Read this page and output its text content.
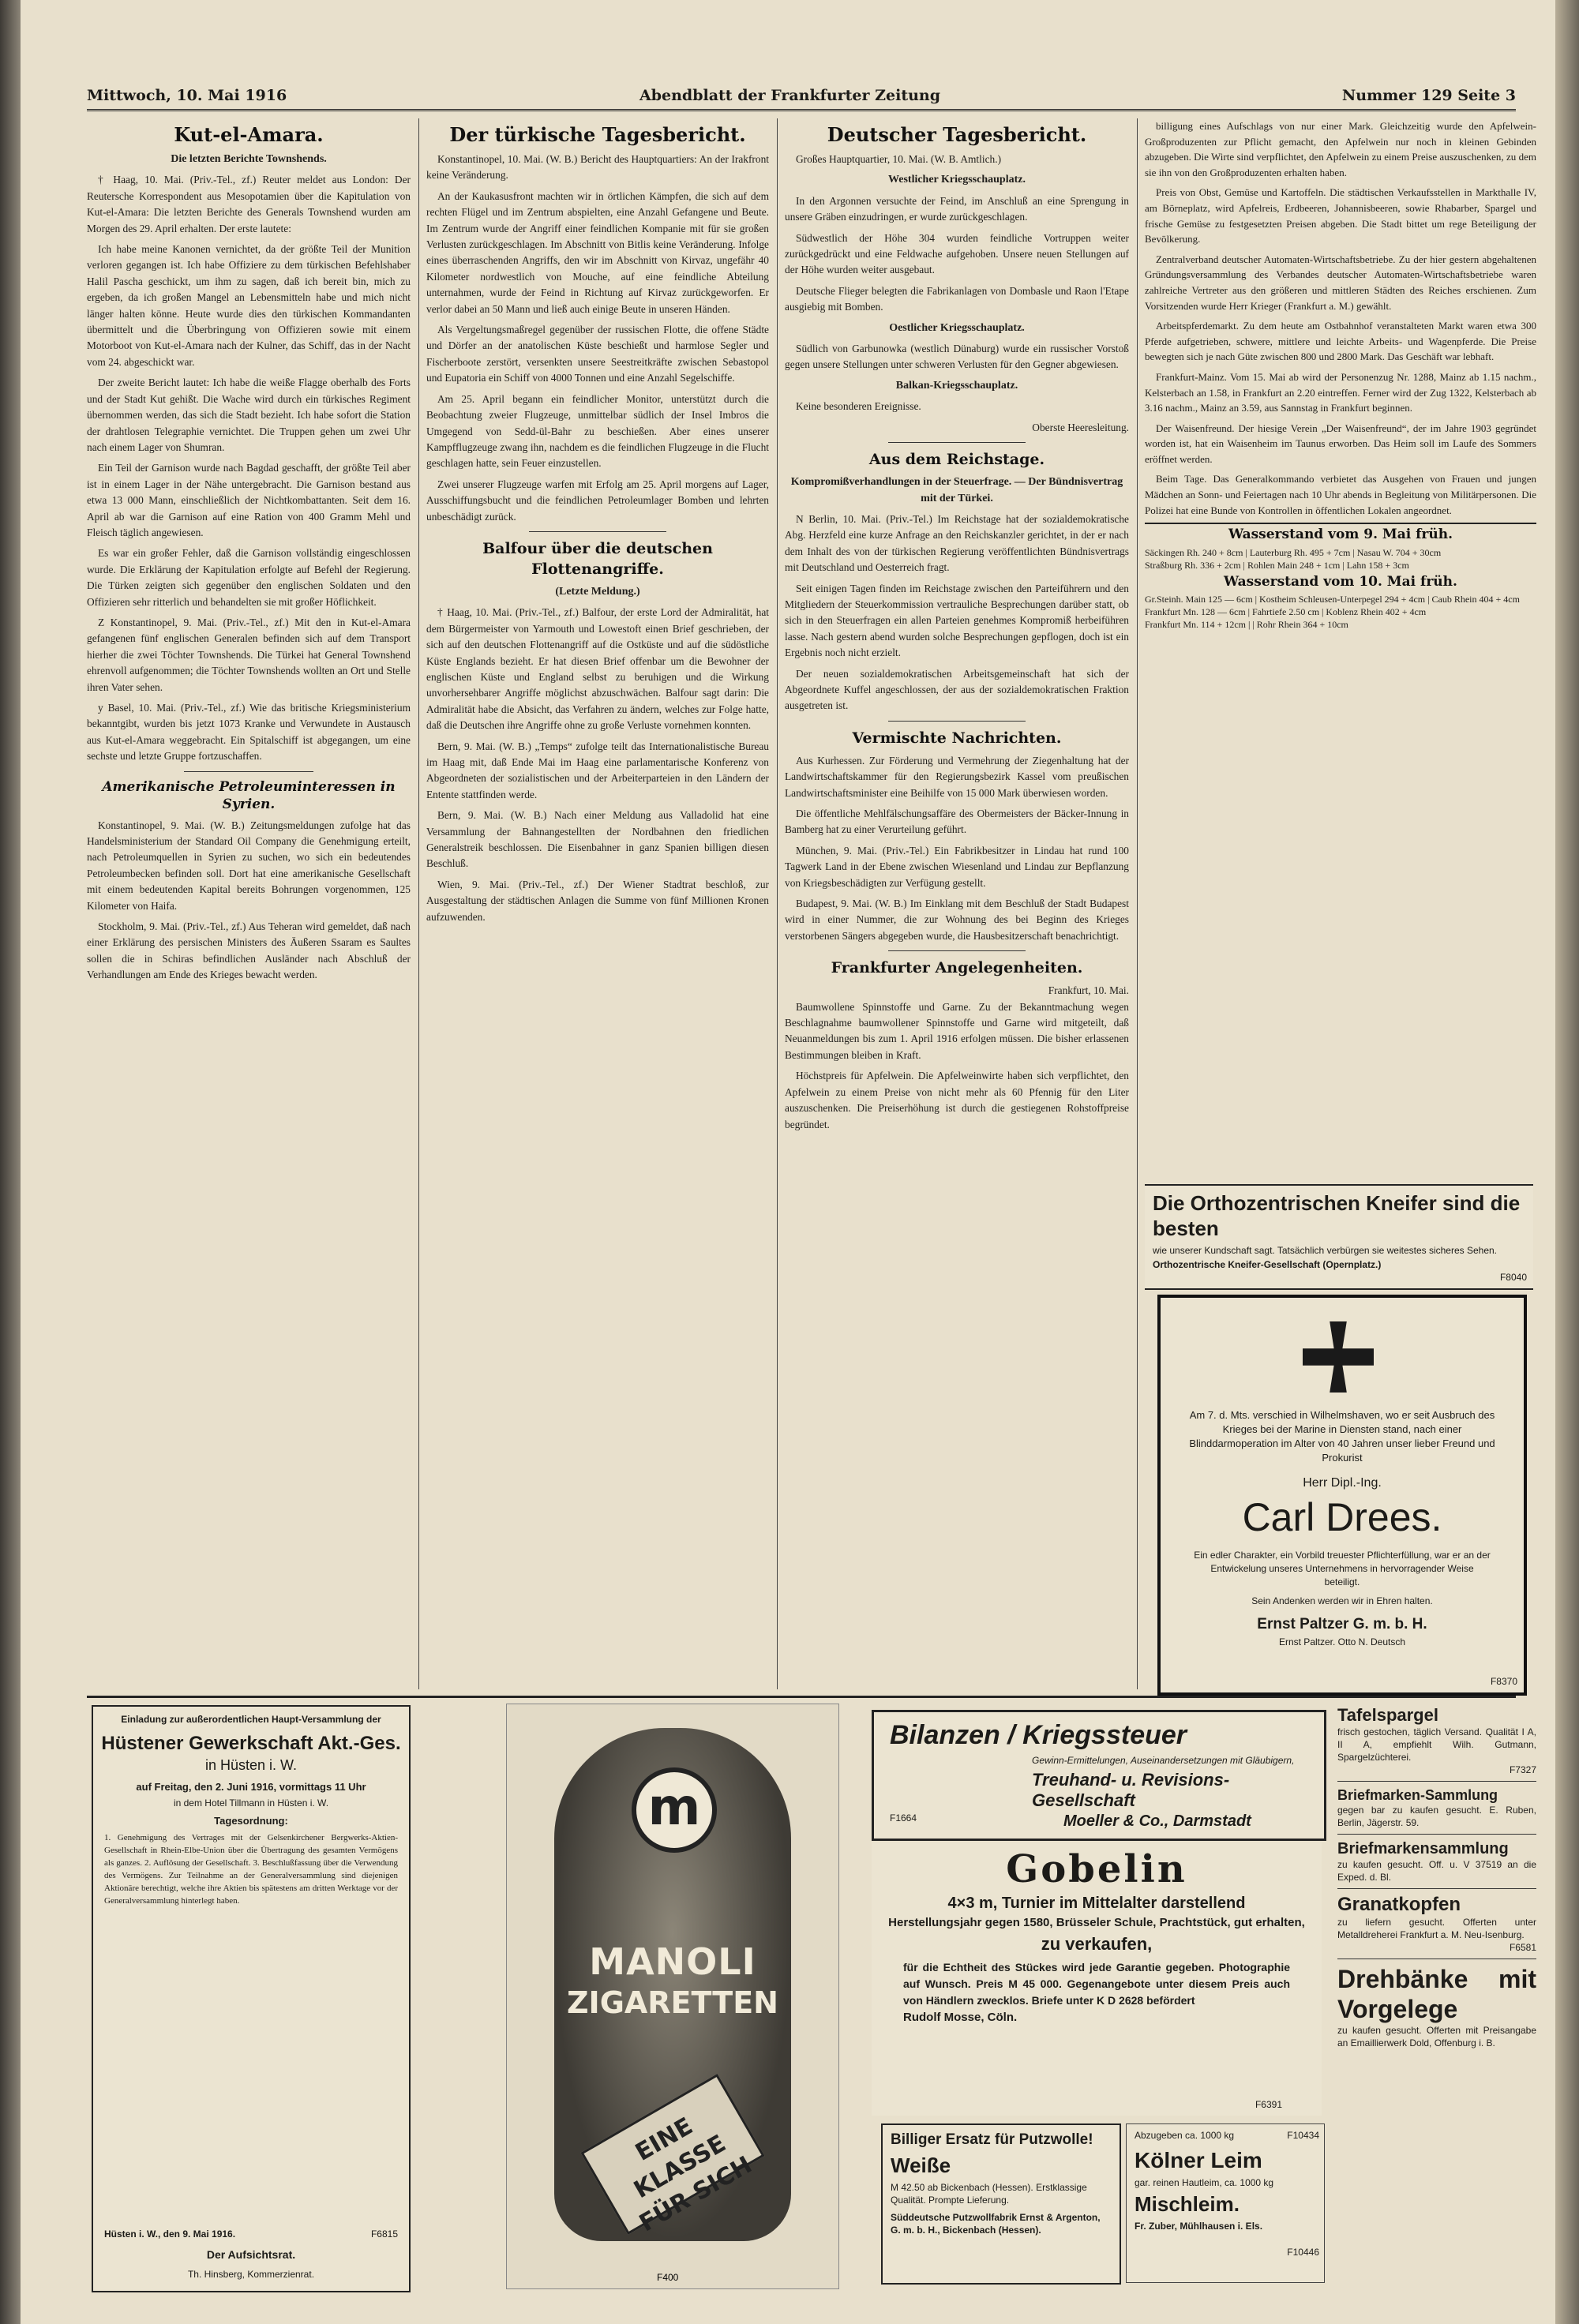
Mittwoch, 10. Mai 1916	Abendblatt der Frankfurter Zeitung	Nummer 129 Seite 3
Kut-el-Amara.
Die letzten Berichte Townshends.

† Haag, 10. Mai. (Priv.-Tel., zf.) Reuter meldet aus London: Der Reutersche Korrespondent aus Mesopotamien über die Kapitulation von Kut-el-Amara: Die letzten Berichte des Generals Townshend wurden am Morgen des 29. April erhalten. Der erste lautete:

Ich habe meine Kanonen vernichtet, da der größte Teil der Munition verloren gegangen ist. Ich habe Offiziere zu dem türkischen Befehlshaber Halil Pascha geschickt, um ihm zu sagen, daß ich bereit bin, mich zu ergeben, da ich großen Mangel an Lebensmitteln habe und mich nicht länger halten könne. Heute wurde dies den türkischen Kommandanten übermittelt und die Überbringung von Offizieren sowie mit einem Motorboot von Kut-el-Amara nach der Kulner, das Schiff, das in der Nacht vom 24. abgeschickt war.

Der zweite Bericht lautet: Ich habe die weiße Flagge oberhalb des Forts und der Stadt Kut gehißt. Die Wache wird durch ein türkisches Regiment übernommen werden, das sich die Stadt bezieht. Ich habe sofort die Station der drahtlosen Telegraphie vernichtet. Die Truppen gehen um zwei Uhr nach einem Lager von Shumran.

Ein Teil der Garnison wurde nach Bagdad geschafft, der größte Teil aber ist in einem Lager in der Nähe untergebracht. Die Garnison bestand aus etwa 13 000 Mann, einschließlich der Nichtkombattanten. Seit dem 16. April ab war die Garnison auf eine Ration von 400 Gramm Mehl und Fleisch täglich angewiesen.

Es war ein großer Fehler, daß die Garnison vollständig eingeschlossen wurde. Die Erklärung der Kapitulation erfolgte auf Befehl der Regierung. Die Türken zeigten sich gegenüber den englischen Soldaten und den Offizieren sehr ritterlich und behandelten sie mit großer Höflichkeit.

Z Konstantinopel, 9. Mai. (Priv.-Tel., zf.) Mit den in Kut-el-Amara gefangenen fünf englischen Generalen befinden sich auf dem Transport hierher die zwei Töchter Townshends. Die Türkei hat General Townshend ehrenvoll aufgenommen; die Töchter Townshends wollten an Ort und Stelle ihren Vater sehen.

y Basel, 10. Mai. (Priv.-Tel., zf.) Wie das britische Kriegsministerium bekanntgibt, wurden bis jetzt 1073 Kranke und Verwundete in Austausch aus Kut-el-Amara weggebracht. Ein Spitalschiff ist abgegangen, um eine sechste und letzte Gruppe fortzuschaffen.

Amerikanische Petroleuminteressen in Syrien.

Konstantinopel, 9. Mai. (W. B.) Zeitungsmeldungen zufolge hat das Handelsministerium der Standard Oil Company die Genehmigung erteilt, nach Petroleumquellen in Syrien zu suchen, wo sich ein bedeutendes Petroleumbecken befinden soll. Dort hat eine amerikanische Gesellschaft mit einem bedeutenden Kapital bereits Bohrungen vorgenommen, 125 Kilometer von Haifa.

Stockholm, 9. Mai. (Priv.-Tel., zf.) Aus Teheran wird gemeldet, daß nach einer Erklärung des persischen Ministers des Äußeren Ssaram es Saultes sollen die in Schiras befindlichen Ausländer nach Abschluß der Verhandlungen am Ende des Krieges bewacht werden.

Der türkische Tagesbericht.

Konstantinopel, 10. Mai. (W. B.) Bericht des Hauptquartiers: An der Irakfront keine Veränderung.

An der Kaukasusfront machten wir in örtlichen Kämpfen, die sich auf dem rechten Flügel und im Zentrum abspielten, eine Anzahl Gefangene und Beute. Im Zentrum wurde der Angriff einer feindlichen Kompanie mit für sie großen Verlusten zurückgeschlagen. Im Abschnitt von Bitlis keine Veränderung. Infolge eines überraschenden Angriffs, den wir im Abschnitt von Kirvaz, ungefähr 40 Kilometer nordwestlich von Mouche, auf eine feindliche Abteilung unternahmen, wurde der Feind in Richtung auf Kirvaz zurückgeworfen. Er verlor dabei an 50 Mann und ließ auch einige Beute in unseren Händen.

Als Vergeltungsmaßregel gegenüber der russischen Flotte, die offene Städte und Dörfer an der anatolischen Küste beschießt und harmlose Segler und Fischerboote zerstört, versenkten unsere Seestreitkräfte zwischen Sebastopol und Eupatoria ein Schiff von 4000 Tonnen und eine Anzahl Segelschiffe.

Am 25. April begann ein feindlicher Monitor, unterstützt durch die Beobachtung zweier Flugzeuge, unmittelbar südlich der Insel Imbros die Umgegend von Sedd-ül-Bahr zu beschießen. Aber eines unserer Kampfflugzeuge zwang ihn, nachdem es die feindlichen Flugzeuge in die Flucht geschlagen hatte, sein Feuer einzustellen.

Zwei unserer Flugzeuge warfen mit Erfolg am 25. April morgens auf Lager, Ausschiffungsbucht und die feindlichen Petroleumlager Bomben und lehrten unbeschädigt zurück.

Balfour über die deutschen Flottenangriffe.
(Letzte Meldung.)

† Haag, 10. Mai. (Priv.-Tel., zf.) Balfour, der erste Lord der Admiralität, hat dem Bürgermeister von Yarmouth und Lowestoft einen Brief geschrieben, der sich auf den deutschen Flottenangriff auf die Ostküste und auf die südöstliche Küste Englands bezieht. Er hat diesen Brief offenbar um die Bewohner der englischen Küste und England selbst zu beruhigen und die Wirkung unvorhersehbarer Angriffe möglichst abzuschwächen. Balfour sagt darin: Die Admiralität habe die Absicht, das Verfahren zu ändern, welches zur Folge hatte, daß die Deutschen ihre Angriffe ohne zu große Verluste vornehmen konnten.

Bern, 9. Mai. (W. B.) „Temps“ zufolge teilt das Internationalistische Bureau im Haag mit, daß Ende Mai im Haag eine parlamentarische Konferenz von Abgeordneten der sozialistischen und der Arbeiterparteien in den Ländern der Entente stattfinden werde.

Bern, 9. Mai. (W. B.) Nach einer Meldung aus Valladolid hat eine Versammlung der Bahnangestellten der Nordbahnen den friedlichen Generalstreik beschlossen. Die Eisenbahner in ganz Spanien billigen diesen Beschluß.

Wien, 9. Mai. (Priv.-Tel., zf.) Der Wiener Stadtrat beschloß, zur Ausgestaltung der städtischen Anlagen die Summe von fünf Millionen Kronen aufzuwenden.

Deutscher Tagesbericht.

Großes Hauptquartier, 10. Mai. (W. B. Amtlich.)

Westlicher Kriegsschauplatz.

In den Argonnen versuchte der Feind, im Anschluß an eine Sprengung in unsere Gräben einzudringen, er wurde zurückgeschlagen.

Südwestlich der Höhe 304 wurden feindliche Vortruppen weiter zurückgedrückt und eine Feldwache aufgehoben. Unsere neuen Stellungen auf der Höhe wurden weiter ausgebaut.

Deutsche Flieger belegten die Fabrikanlagen von Dombasle und Raon l'Etape ausgiebig mit Bomben.

Oestlicher Kriegsschauplatz.

Südlich von Garbunowka (westlich Dünaburg) wurde ein russischer Vorstoß gegen unsere Stellungen unter schweren Verlusten für den Gegner abgewiesen.

Balkan-Kriegsschauplatz.

Keine besonderen Ereignisse.

Oberste Heeresleitung.
Aus dem Reichstage.
Kompromißverhandlungen in der Steuerfrage. — Der Bündnisvertrag mit der Türkei.

N Berlin, 10. Mai. (Priv.-Tel.) Im Reichstage hat der sozialdemokratische Abg. Herzfeld eine kurze Anfrage an den Reichskanzler gerichtet, in der er nach dem Inhalt des von der türkischen Regierung veröffentlichten Bündnisvertrags mit Deutschland und Oesterreich fragt.

Seit einigen Tagen finden im Reichstage zwischen den Parteiführern und den Mitgliedern der Steuerkommission vertrauliche Besprechungen darüber statt, ob sich in den Steuerfragen ein allen Parteien genehmes Kompromiß herbeiführen lasse. Nach gestern abend wurden solche Besprechungen gepflogen, doch ist ein Ergebnis noch nicht erzielt.

Der neuen sozialdemokratischen Arbeitsgemeinschaft hat sich der Abgeordnete Kuffel angeschlossen, der aus der sozialdemokratischen Fraktion ausgetreten ist.

Vermischte Nachrichten.

Aus Kurhessen. Zur Förderung und Vermehrung der Ziegenhaltung hat der Landwirtschaftskammer für den Regierungsbezirk Kassel vom preußischen Landwirtschaftsminister eine Beihilfe von 15 000 Mark überwiesen worden.

Die öffentliche Mehlfälschungsaffäre des Obermeisters der Bäcker-Innung in Bamberg hat zu einer Verurteilung geführt.

München, 9. Mai. (Priv.-Tel.) Ein Fabrikbesitzer in Lindau hat rund 100 Tagwerk Land in der Ebene zwischen Wiesenland und Lindau zur Bepflanzung von Kriegsbeschädigten zur Verfügung gestellt.

Budapest, 9. Mai. (W. B.) Im Einklang mit dem Beschluß der Stadt Budapest wird in einer Nummer, die zur Wohnung des bei Beginn des Krieges verstorbenen Sängers abgegeben wurde, die Hausbesitzerschaft benachrichtigt.

Frankfurter Angelegenheiten.
Frankfurt, 10. Mai.

Baumwollene Spinnstoffe und Garne. Zu der Bekanntmachung wegen Beschlagnahme baumwollener Spinnstoffe und Garne wird mitgeteilt, daß Neuanmeldungen bis zum 1. April 1916 erfolgen müssen. Die bisher erlassenen Bestimmungen bleiben in Kraft.

Höchstpreis für Apfelwein. Die Apfelweinwirte haben sich verpflichtet, den Apfelwein zu einem Preise von nicht mehr als 60 Pfennig für den Liter auszuschenken. Die Preiserhöhung ist durch die gestiegenen Rohstoffpreise begründet.

billigung eines Aufschlags von nur einer Mark. Gleichzeitig wurde den Apfelwein-Großproduzenten zur Pflicht gemacht, den Apfelwein nur noch in kleinen Gebinden abzugeben. Die Wirte sind verpflichtet, den Apfelwein zu einem Preise auszuschenken, zu dem sie ihn von den Großproduzenten erhalten haben.

Preis von Obst, Gemüse und Kartoffeln. Die städtischen Verkaufsstellen in Markthalle IV, am Börneplatz, wird Apfelreis, Erdbeeren, Johannisbeeren, sowie Rhabarber, Spargel und frische Gemüse zu festgesetzten Preisen abgeben. Die Stadt bittet um rege Beteiligung der Bevölkerung.

Zentralverband deutscher Automaten-Wirtschaftsbetriebe. Zu der hier gestern abgehaltenen Gründungsversammlung des Verbandes deutscher Automaten-Wirtschaftsbetriebe waren zahlreiche Vertreter aus den größeren und mittleren Städten des Reiches erschienen. Zum Vorsitzenden wurde Herr Krieger (Frankfurt a. M.) gewählt.

Arbeitspferdemarkt. Zu dem heute am Ostbahnhof veranstalteten Markt waren etwa 300 Pferde aufgetrieben, schwere, mittlere und leichte Arbeits- und Wagenpferde. Die Preise bewegten sich je nach Güte zwischen 800 und 2800 Mark. Das Geschäft war lebhaft.

Frankfurt-Mainz. Vom 15. Mai ab wird der Personenzug Nr. 1288, Mainz ab 1.15 nachm., Kelsterbach an 1.58, in Frankfurt an 2.20 eintreffen. Ferner wird der Zug 1322, Kelsterbach ab 3.16 nachm., Mainz an 3.59, aus Sannstag in Frankfurt beginnen.

Der Waisenfreund. Der hiesige Verein „Der Waisenfreund“, der im Jahre 1903 gegründet worden ist, hat ein Waisenheim im Taunus erworben. Das Heim soll im Laufe des Sommers eröffnet werden.

Beim Tage. Das Generalkommando verbietet das Ausgehen von Frauen und jungen Mädchen an Sonn- und Feiertagen nach 10 Uhr abends in Begleitung von Militärpersonen. Die Polizei hat eine Bunde von Kontrollen in öffentlichen Lokalen angeordnet.

Wasserstand vom 9. Mai früh.
Säckingen Rh. 240 + 8cm | Lauterburg Rh. 495 + 7cm | Nasau W. 704 + 30cm
Straßburg Rh. 336 + 2cm | Rohlen Main 248 + 1cm | Lahn 158 + 3cm
Wasserstand vom 10. Mai früh.
Gr.Steinh. Main 125 — 6cm | Kostheim Schleusen-Unterpegel 294 + 4cm | Caub Rhein 404 + 4cm
Frankfurt Mn. 128 — 6cm | Fahrtiefe 2.50 cm | Koblenz Rhein 402 + 4cm
Frankfurt Mn. 114 + 12cm | | Rohr Rhein 364 + 10cm
Die Orthozentrischen Kneifer sind die besten
wie unserer Kundschaft sagt. Tatsächlich verbürgen sie weitestes sicheres Sehen.
Orthozentrische Kneifer-Gesellschaft (Opernplatz.)
F8040
Am 7. d. Mts. verschied in Wilhelmshaven, wo er seit Ausbruch des Krieges bei der Marine in Diensten stand, nach einer Blinddarmoperation im Alter von 40 Jahren unser lieber Freund und Prokurist
Herr Dipl.-Ing.
Carl Drees.
Ein edler Charakter, ein Vorbild treuester Pflichterfüllung, war er an der Entwickelung unseres Unternehmens in hervorragender Weise beteiligt.
Sein Andenken werden wir in Ehren halten.
Ernst Paltzer G. m. b. H.
Ernst Paltzer. Otto N. Deutsch
F8370
Einladung zur außerordentlichen Haupt-Versammlung der
Hüstener Gewerkschaft Akt.-Ges.
in Hüsten i. W.
auf Freitag, den 2. Juni 1916, vormittags 11 Uhr
in dem Hotel Tillmann in Hüsten i. W.
Tagesordnung:
1. Genehmigung des Vertrages mit der Gelsenkirchener Bergwerks-Aktien-Gesellschaft in Rhein-Elbe-Union über die Übertragung des gesamten Vermögens als ganzes. 2. Auflösung der Gesellschaft. 3. Beschlußfassung über die Verwendung des Vermögens. Zur Teilnahme an der Generalversammlung sind diejenigen Aktionäre berechtigt, welche ihre Aktien bis spätestens am dritten Werktage vor der Generalversammlung hinterlegt haben.
Hüsten i. W., den 9. Mai 1916.	F6815
Der Aufsichtsrat.
Th. Hinsberg, Kommerzienrat.
m
MANOLI
ZIGARETTEN
EINE KLASSE FÜR SICH
F400
Bilanzen / Kriegssteuer
Gewinn-Ermittelungen, Auseinandersetzungen mit Gläubigern,
Treuhand- u. Revisions-Gesellschaft
Moeller & Co., Darmstadt
F1664
Gobelin
4×3 m, Turnier im Mittelalter darstellend
Herstellungsjahr gegen 1580, Brüsseler Schule, Prachtstück, gut erhalten,
zu verkaufen,
für die Echtheit des Stückes wird jede Garantie gegeben. Photographie auf Wunsch. Preis M 45 000. Gegenangebote unter diesem Preis auch von Händlern zwecklos. Briefe unter K D 2628 befördert
Rudolf Mosse, Cöln.
F6391
Billiger Ersatz für Putzwolle!
Weiße
M 42.50 ab Bickenbach (Hessen). Erstklassige Qualität. Prompte Lieferung.
Süddeutsche Putzwollfabrik Ernst & Argenton, G. m. b. H., Bickenbach (Hessen).
Abzugeben ca. 1000 kg	F10434
Kölner Leim
gar. reinen Hautleim, ca. 1000 kg
Mischleim.
Fr. Zuber, Mühlhausen i. Els.
F10446
Tafelspargel
frisch gestochen, täglich Versand. Qualität I A, II A, empfiehlt Wilh. Gutmann, Spargelzüchterei.
F7327
Briefmarken-Sammlung
gegen bar zu kaufen gesucht. E. Ruben, Berlin, Jägerstr. 59.
Briefmarkensammlung
zu kaufen gesucht. Off. u. V 37519 an die Exped. d. Bl.
Granatkopfen
zu liefern gesucht. Offerten unter Metalldreherei Frankfurt a. M. Neu-Isenburg.
F6581
Drehbänke mit Vorgelege
zu kaufen gesucht. Offerten mit Preisangabe an Emaillierwerk Dold, Offenburg i. B.
